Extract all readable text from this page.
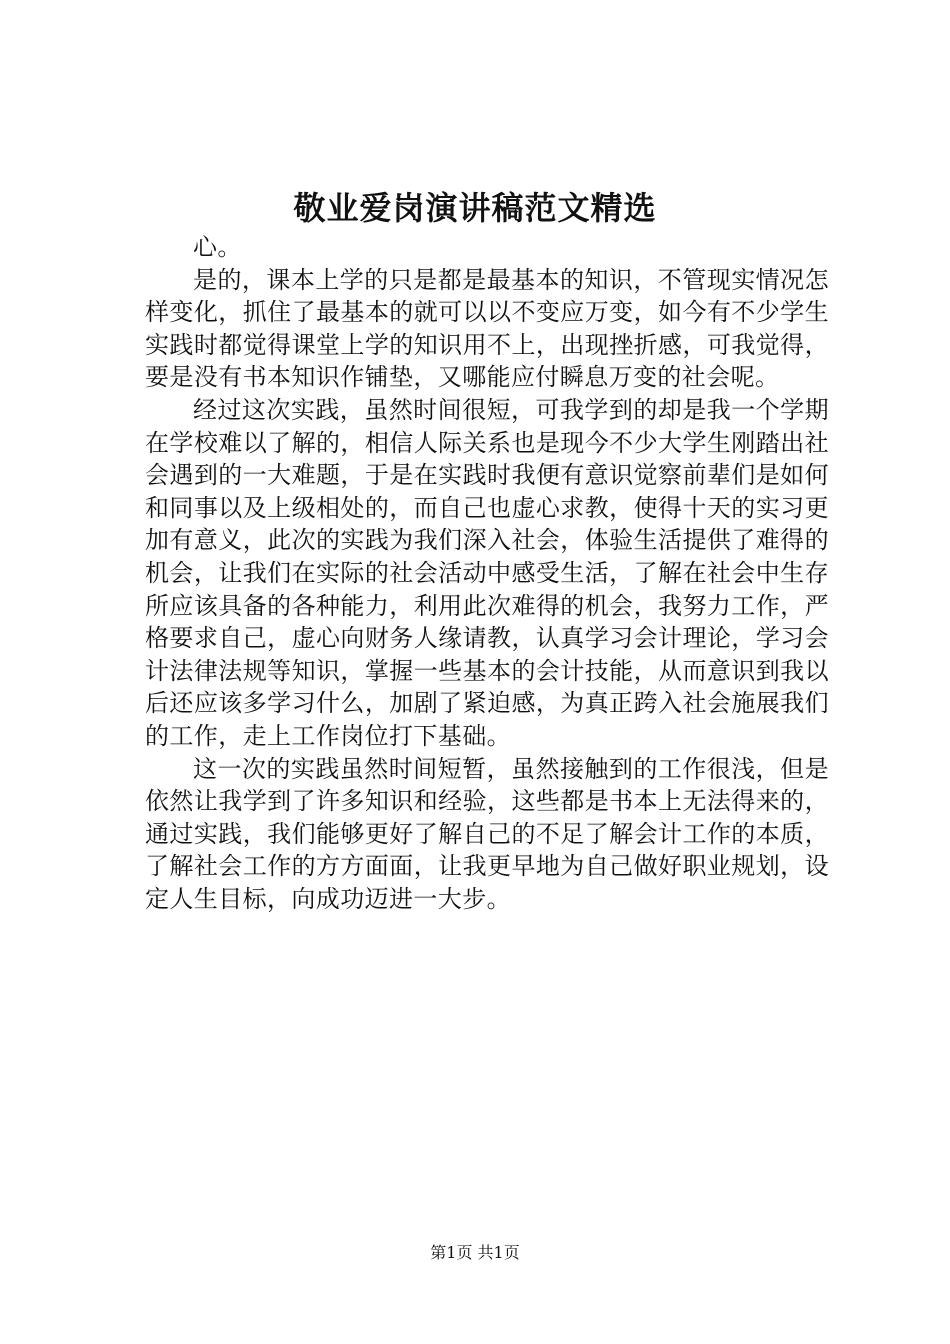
敬业爱岗演讲稿范文精选

心。

是的，课本上学的只是都是最基本的知识，不管现实情况怎样变化，抓住了最基本的就可以以不变应万变，如今有不少学生实践时都觉得课堂上学的知识用不上，出现挫折感，可我觉得，要是没有书本知识作铺垫，又哪能应付瞬息万变的社会呢。

经过这次实践，虽然时间很短，可我学到的却是我一个学期在学校难以了解的，相信人际关系也是现今不少大学生刚踏出社会遇到的一大难题，于是在实践时我便有意识觉察前辈们是如何和同事以及上级相处的，而自己也虚心求教，使得十天的实习更加有意义，此次的实践为我们深入社会，体验生活提供了难得的机会，让我们在实际的社会活动中感受生活，了解在社会中生存所应该具备的各种能力，利用此次难得的机会，我努力工作，严格要求自己，虚心向财务人缘请教，认真学习会计理论，学习会计法律法规等知识，掌握一些基本的会计技能，从而意识到我以后还应该多学习什么，加剧了紧迫感，为真正跨入社会施展我们的工作，走上工作岗位打下基础。

这一次的实践虽然时间短暂，虽然接触到的工作很浅，但是依然让我学到了许多知识和经验，这些都是书本上无法得来的，通过实践，我们能够更好了解自己的不足了解会计工作的本质，了解社会工作的方方面面，让我更早地为自己做好职业规划，设定人生目标，向成功迈进一大步。

第1页 共1页
